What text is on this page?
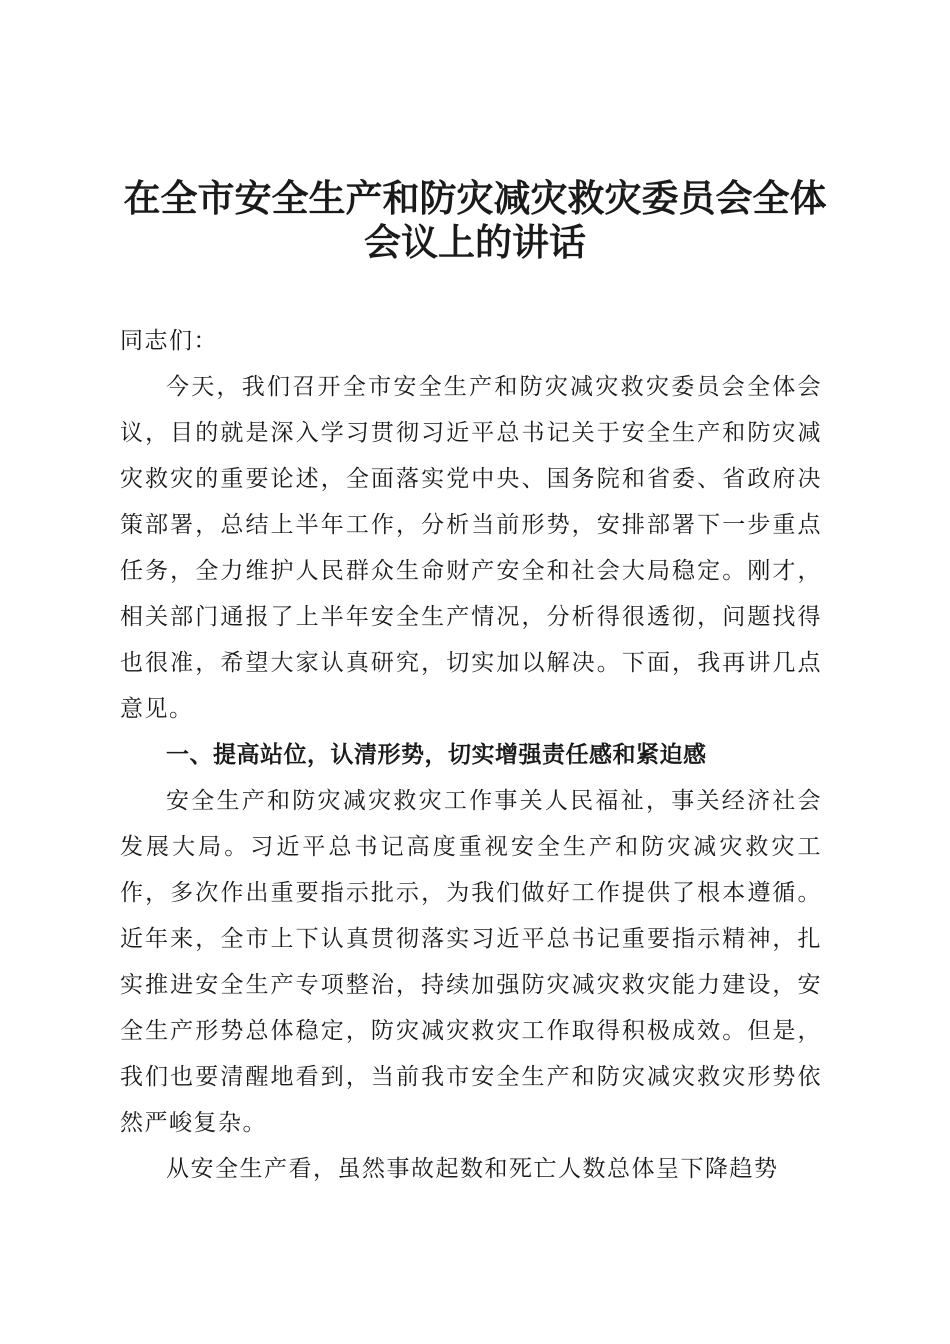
在全市安全生产和防灾减灾救灾委员会全体会议上的讲话

同志们：

今天，我们召开全市安全生产和防灾减灾救灾委员会全体会议，目的就是深入学习贯彻习近平总书记关于安全生产和防灾减灾救灾的重要论述，全面落实党中央、国务院和省委、省政府决策部署，总结上半年工作，分析当前形势，安排部署下一步重点任务，全力维护人民群众生命财产安全和社会大局稳定。刚才，相关部门通报了上半年安全生产情况，分析得很透彻，问题找得也很准，希望大家认真研究，切实加以解决。下面，我再讲几点意见。

一、提高站位，认清形势，切实增强责任感和紧迫感

安全生产和防灾减灾救灾工作事关人民福祉，事关经济社会发展大局。习近平总书记高度重视安全生产和防灾减灾救灾工作，多次作出重要指示批示，为我们做好工作提供了根本遵循。近年来，全市上下认真贯彻落实习近平总书记重要指示精神，扎实推进安全生产专项整治，持续加强防灾减灾救灾能力建设，安全生产形势总体稳定，防灾减灾救灾工作取得积极成效。但是，我们也要清醒地看到，当前我市安全生产和防灾减灾救灾形势依然严峻复杂。

从安全生产看，虽然事故起数和死亡人数总体呈下降趋势
